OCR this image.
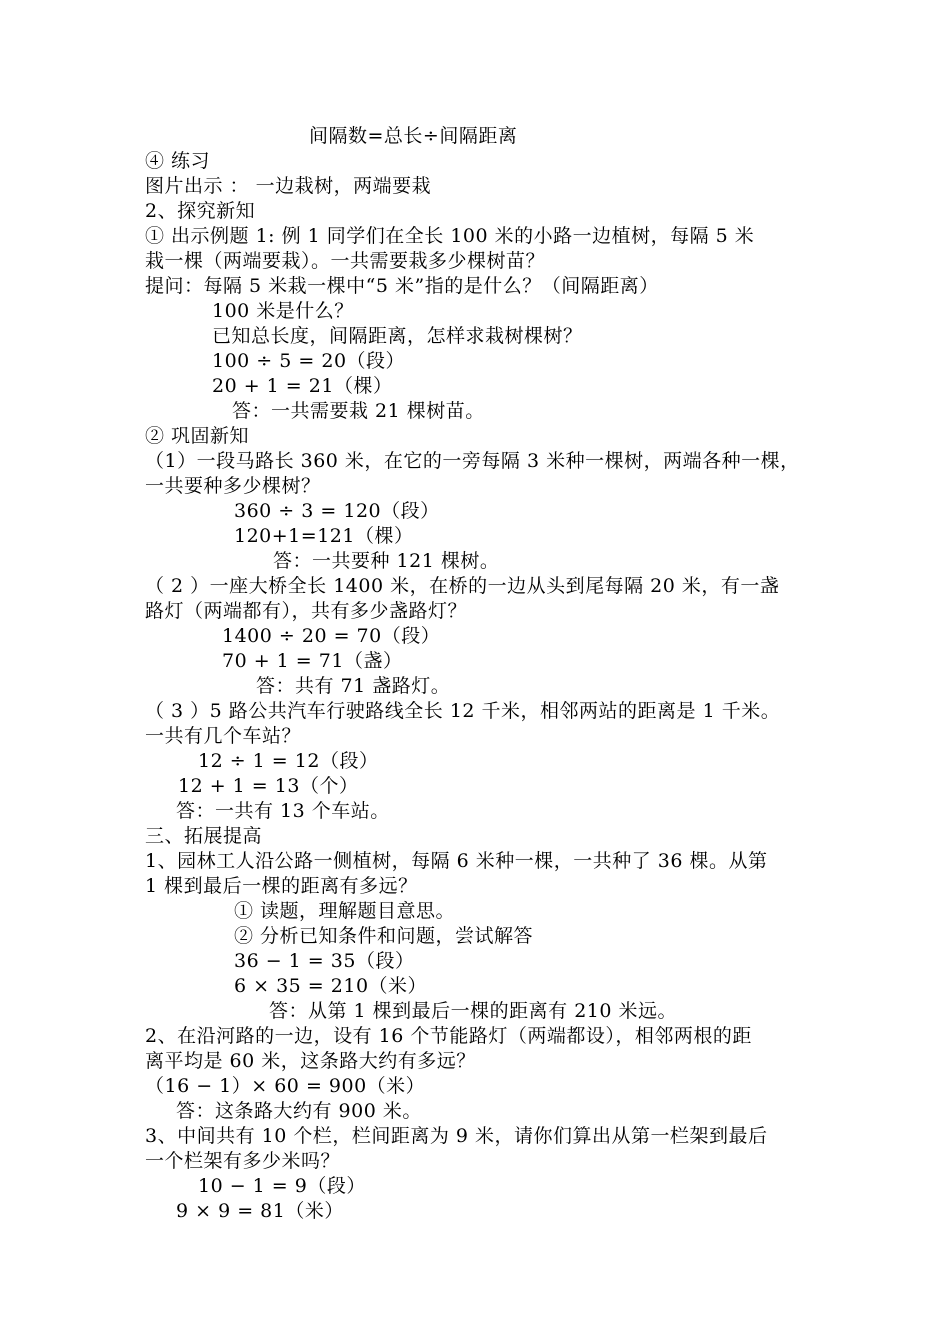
间隔数=总长÷间隔距离
④ 练习
图片出示 ： 一边栽树，两端要栽
2、探究新知
① 出示例题 1: 例 1 同学们在全长 100 米的小路一边植树，每隔 5 米
栽一棵（两端要栽）。一共需要栽多少棵树苗？
提问：每隔 5 米栽一棵中“5 米”指的是什么？（间隔距离）
100 米是什么？
已知总长度，间隔距离，怎样求栽树棵树？
100 ÷ 5 = 20（段）
20 + 1 = 21（棵）
答：一共需要栽 21 棵树苗。
② 巩固新知
（1）一段马路长 360 米，在它的一旁每隔 3 米种一棵树，两端各种一棵，
一共要种多少棵树？
360 ÷ 3 = 120（段）
120+1=121（棵）
答：一共要种 121 棵树。
（ 2 ）一座大桥全长 1400 米，在桥的一边从头到尾每隔 20 米，有一盏
路灯（两端都有），共有多少盏路灯？
1400 ÷ 20 = 70（段）
70 + 1 = 71（盏）
答：共有 71 盏路灯。
（ 3 ）5 路公共汽车行驶路线全长 12 千米，相邻两站的距离是 1 千米。
一共有几个车站？
12 ÷ 1 = 12（段）
12 + 1 = 13（个）
答：一共有 13 个车站。
三、拓展提高
1、园林工人沿公路一侧植树，每隔 6 米种一棵，一共种了 36 棵。从第
1 棵到最后一棵的距离有多远？
① 读题，理解题目意思。
② 分析已知条件和问题，尝试解答
36 − 1 = 35（段）
6 × 35 = 210（米）
答：从第 1 棵到最后一棵的距离有 210 米远。
2、在沿河路的一边，设有 16 个节能路灯（两端都设），相邻两根的距
离平均是 60 米，这条路大约有多远？
（16 − 1）× 60 = 900（米）
答：这条路大约有 900 米。
3、中间共有 10 个栏，栏间距离为 9 米，请你们算出从第一栏架到最后
一个栏架有多少米吗？
10 − 1 = 9（段）
9 × 9 = 81（米）
